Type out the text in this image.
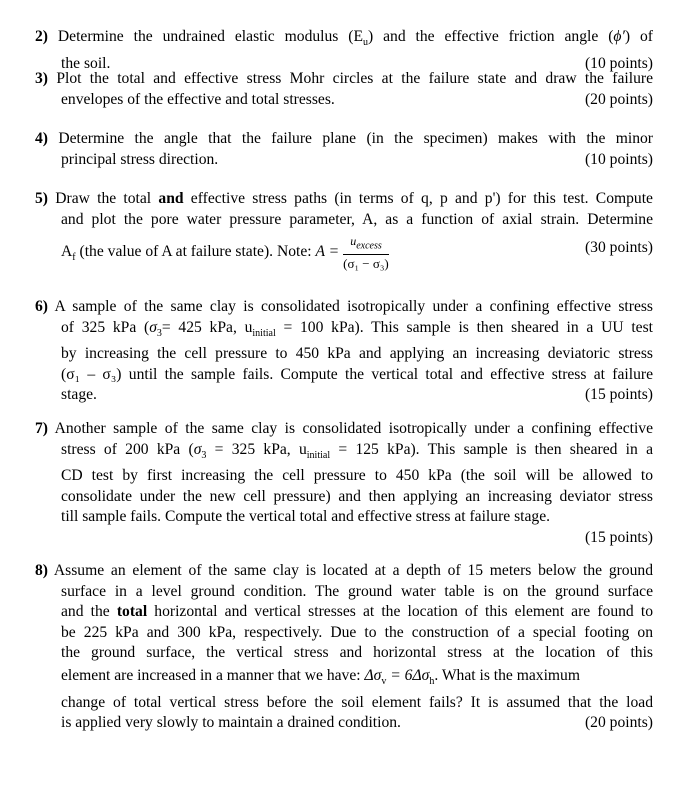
2) Determine the undrained elastic modulus $(E_u)$ and the effective friction angle (ϕ′) of
the soil.	(10 points)
3) Plot the total and effective stress Mohr circles at the failure state and draw the failure
envelopes of the effective and total stresses.	(20 points)
4) Determine the angle that the failure plane (in the specimen) makes with the minor
principal stress direction.	(10 points)
5) Draw the total and effective stress paths (in terms of q, p and p') for this test. Compute
and plot the pore water pressure parameter, A, as a function of axial strain. Determine
$A_f$ (the value of A at failure state). Note: $A = \frac{u_{excess}}{\text{(σ₁ − σ₃)}}$	(30 points)
6) A sample of the same clay is consolidated isotropically under a confining effective stress
of 325 kPa ($\sigma_3= 425$ kPa, $u_{initial} = 100$ kPa). This sample is then sheared in a UU test
by increasing the cell pressure to 450 kPa and applying an increasing deviatoric stress
(σ₁ – σ₃) until the sample fails. Compute the vertical total and effective stress at failure
stage.	(15 points)
7) Another sample of the same clay is consolidated isotropically under a confining effective
stress of 200 kPa ($\sigma_3 = 325$ kPa, $u_{initial} = 125$ kPa). This sample is then sheared in a
CD test by first increasing the cell pressure to 450 kPa (the soil will be allowed to
consolidate under the new cell pressure) and then applying an increasing deviator stress
till sample fails. Compute the vertical total and effective stress at failure stage.
(15 points)

8) Assume an element of the same clay is located at a depth of 15 meters below the ground
surface in a level ground condition. The ground water table is on the ground surface
and the total horizontal and vertical stresses at the location of this element are found to
be 225 kPa and 300 kPa, respectively. Due to the construction of a special footing on
the ground surface, the vertical stress and horizontal stress at the location of this
element are increased in a manner that we have: $\Delta\sigma_v = 6\Delta\sigma_h$. What is the maximum
change of total vertical stress before the soil element fails? It is assumed that the load
is applied very slowly to maintain a drained condition.	(20 points)
